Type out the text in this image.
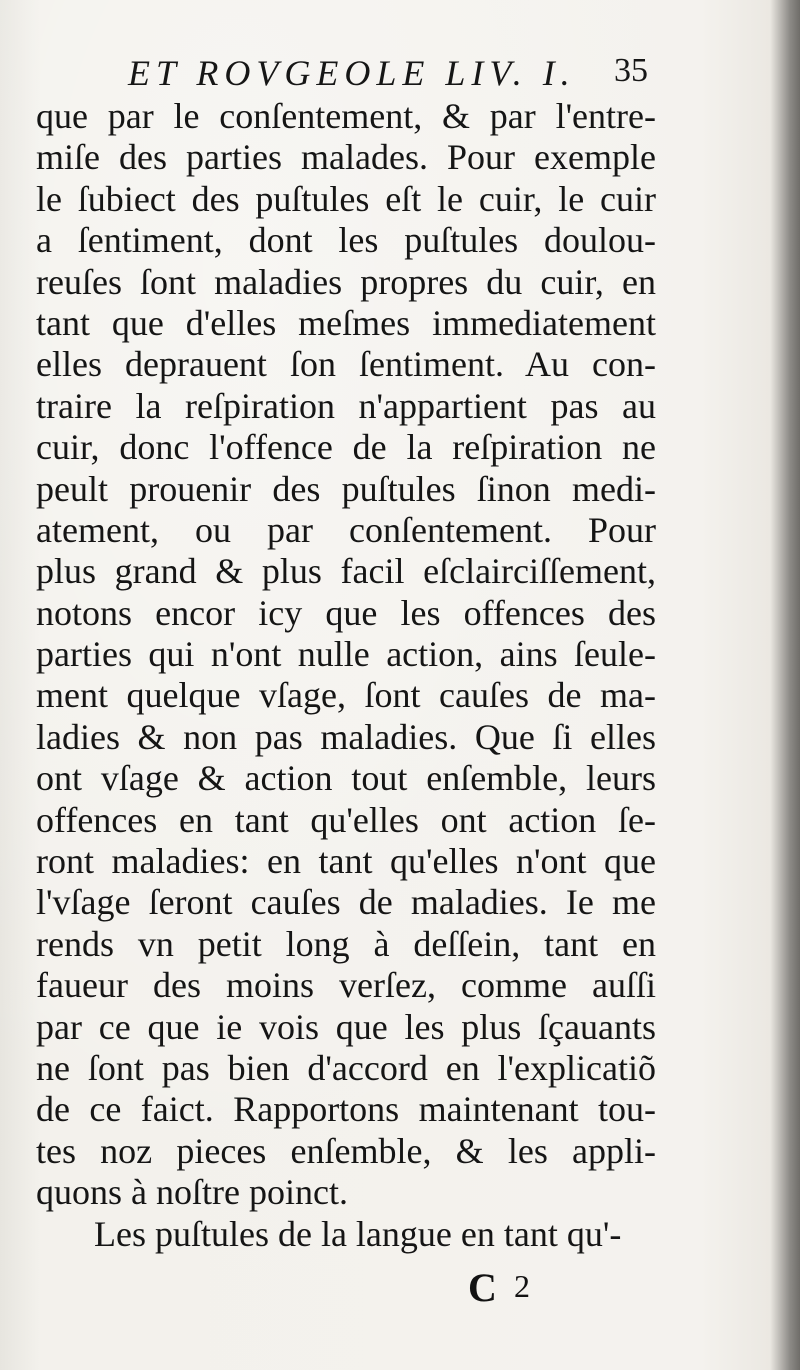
ET ROVGEOLE LIV. I. 35
que par le conſentement, & par l'entre-
miſe des parties malades. Pour exemple
le ſubiect des puſtules eſt le cuir, le cuir
a ſentiment, dont les puſtules doulou-
reuſes ſont maladies propres du cuir, en
tant que d'elles meſmes immediatement
elles deprauent ſon ſentiment. Au con-
traire la reſpiration n'appartient pas au
cuir, donc l'offence de la reſpiration ne
peult prouenir des puſtules ſinon medi-
atement, ou par conſentement. Pour
plus grand & plus facil eſclairciſſement,
notons encor icy que les offences des
parties qui n'ont nulle action, ains ſeule-
ment quelque vſage, ſont cauſes de ma-
ladies & non pas maladies. Que ſi elles
ont vſage & action tout enſemble, leurs
offences en tant qu'elles ont action ſe-
ront maladies: en tant qu'elles n'ont que
l'vſage ſeront cauſes de maladies. Ie me
rends vn petit long à deſſein, tant en
faueur des moins verſez, comme auſſi
par ce que ie vois que les plus ſçauants
ne ſont pas bien d'accord en l'explicatiõ
de ce faict. Rapportons maintenant tou-
tes noz pieces enſemble, & les appli-
quons à noſtre poinct.
Les puſtules de la langue en tant qu'-
C 2
